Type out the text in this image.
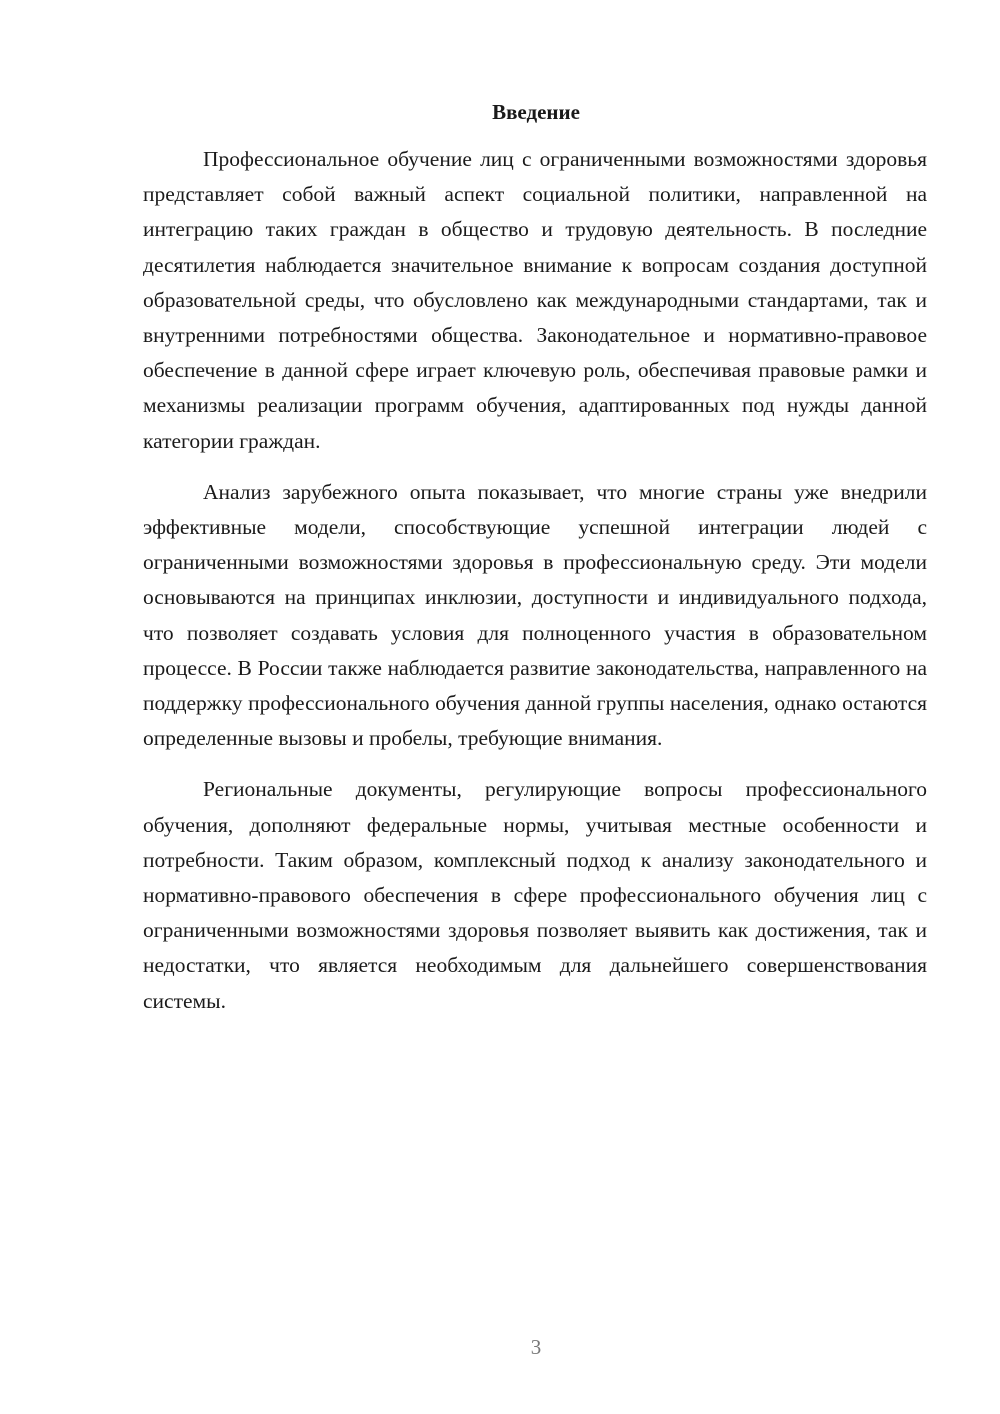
Введение

Профессиональное обучение лиц с ограниченными возможностями здоровья представляет собой важный аспект социальной политики, направленной на интеграцию таких граждан в общество и трудовую деятельность. В последние десятилетия наблюдается значительное внимание к вопросам создания доступной образовательной среды, что обусловлено как международными стандартами, так и внутренними потребностями общества. Законодательное и нормативно-правовое обеспечение в данной сфере играет ключевую роль, обеспечивая правовые рамки и механизмы реализации программ обучения, адаптированных под нужды данной категории граждан.

Анализ зарубежного опыта показывает, что многие страны уже внедрили эффективные модели, способствующие успешной интеграции людей с ограниченными возможностями здоровья в профессиональную среду. Эти модели основываются на принципах инклюзии, доступности и индивидуального подхода, что позволяет создавать условия для полноценного участия в образовательном процессе. В России также наблюдается развитие законодательства, направленного на поддержку профессионального обучения данной группы населения, однако остаются определенные вызовы и пробелы, требующие внимания.

Региональные документы, регулирующие вопросы профессионального обучения, дополняют федеральные нормы, учитывая местные особенности и потребности. Таким образом, комплексный подход к анализу законодательного и нормативно-правового обеспечения в сфере профессионального обучения лиц с ограниченными возможностями здоровья позволяет выявить как достижения, так и недостатки, что является необходимым для дальнейшего совершенствования системы.

3
